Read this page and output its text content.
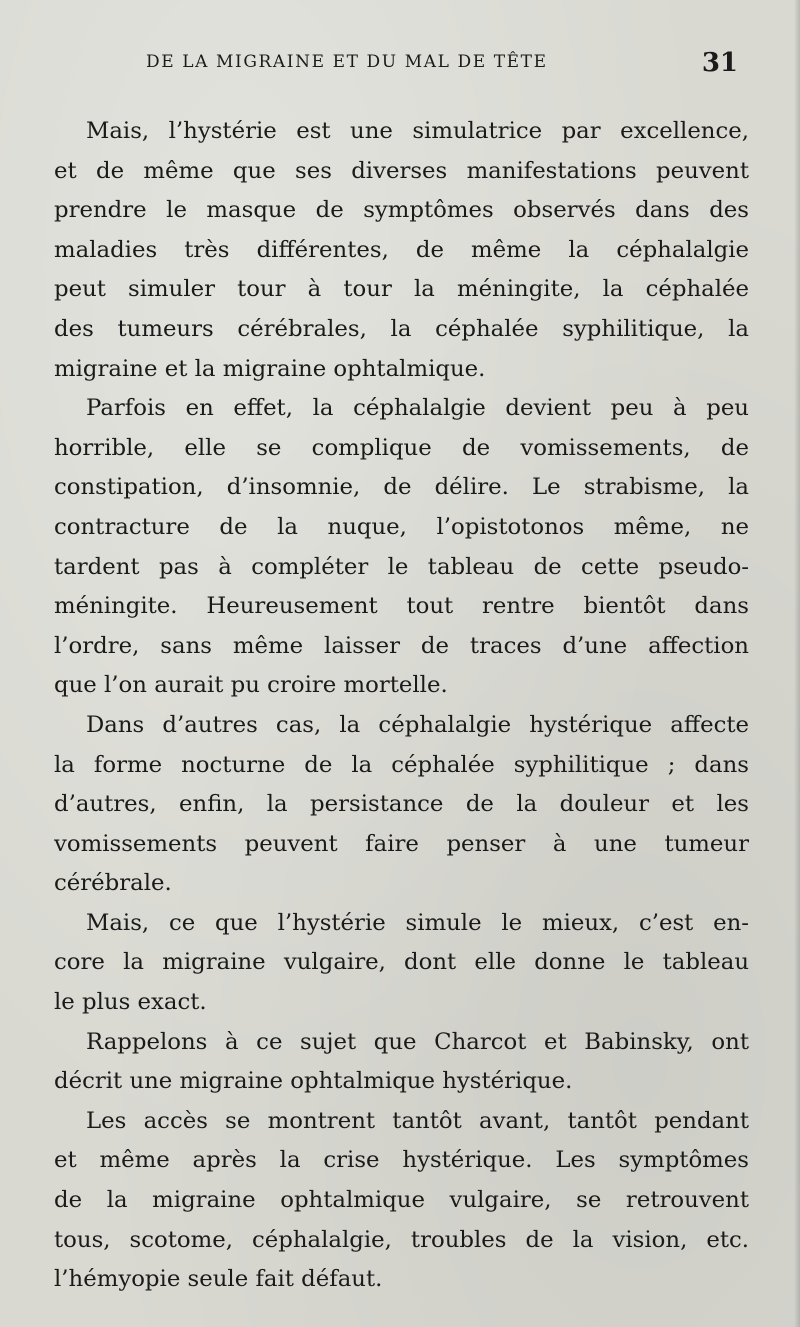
DE LA MIGRAINE ET DU MAL DE TÊTE	31
Mais, l’hystérie est une simulatrice par excellence,
et de même que ses diverses manifestations peuvent
prendre le masque de symptômes observés dans des
maladies très différentes, de même la céphalalgie
peut simuler tour à tour la méningite, la céphalée
des tumeurs cérébrales, la céphalée syphilitique, la
migraine et la migraine ophtalmique.
Parfois en effet, la céphalalgie devient peu à peu
horrible, elle se complique de vomissements, de
constipation, d’insomnie, de délire. Le strabisme, la
contracture de la nuque, l’opistotonos même, ne
tardent pas à compléter le tableau de cette pseudo-
méningite. Heureusement tout rentre bientôt dans
l’ordre, sans même laisser de traces d’une affection
que l’on aurait pu croire mortelle.
Dans d’autres cas, la céphalalgie hystérique affecte
la forme nocturne de la céphalée syphilitique ; dans
d’autres, enfin, la persistance de la douleur et les
vomissements peuvent faire penser à une tumeur
cérébrale.
Mais, ce que l’hystérie simule le mieux, c’est en-
core la migraine vulgaire, dont elle donne le tableau
le plus exact.
Rappelons à ce sujet que Charcot et Babinsky, ont
décrit une migraine ophtalmique hystérique.
Les accès se montrent tantôt avant, tantôt pendant
et même après la crise hystérique. Les symptômes
de la migraine ophtalmique vulgaire, se retrouvent
tous, scotome, céphalalgie, troubles de la vision, etc.
l’hémyopie seule fait défaut.
